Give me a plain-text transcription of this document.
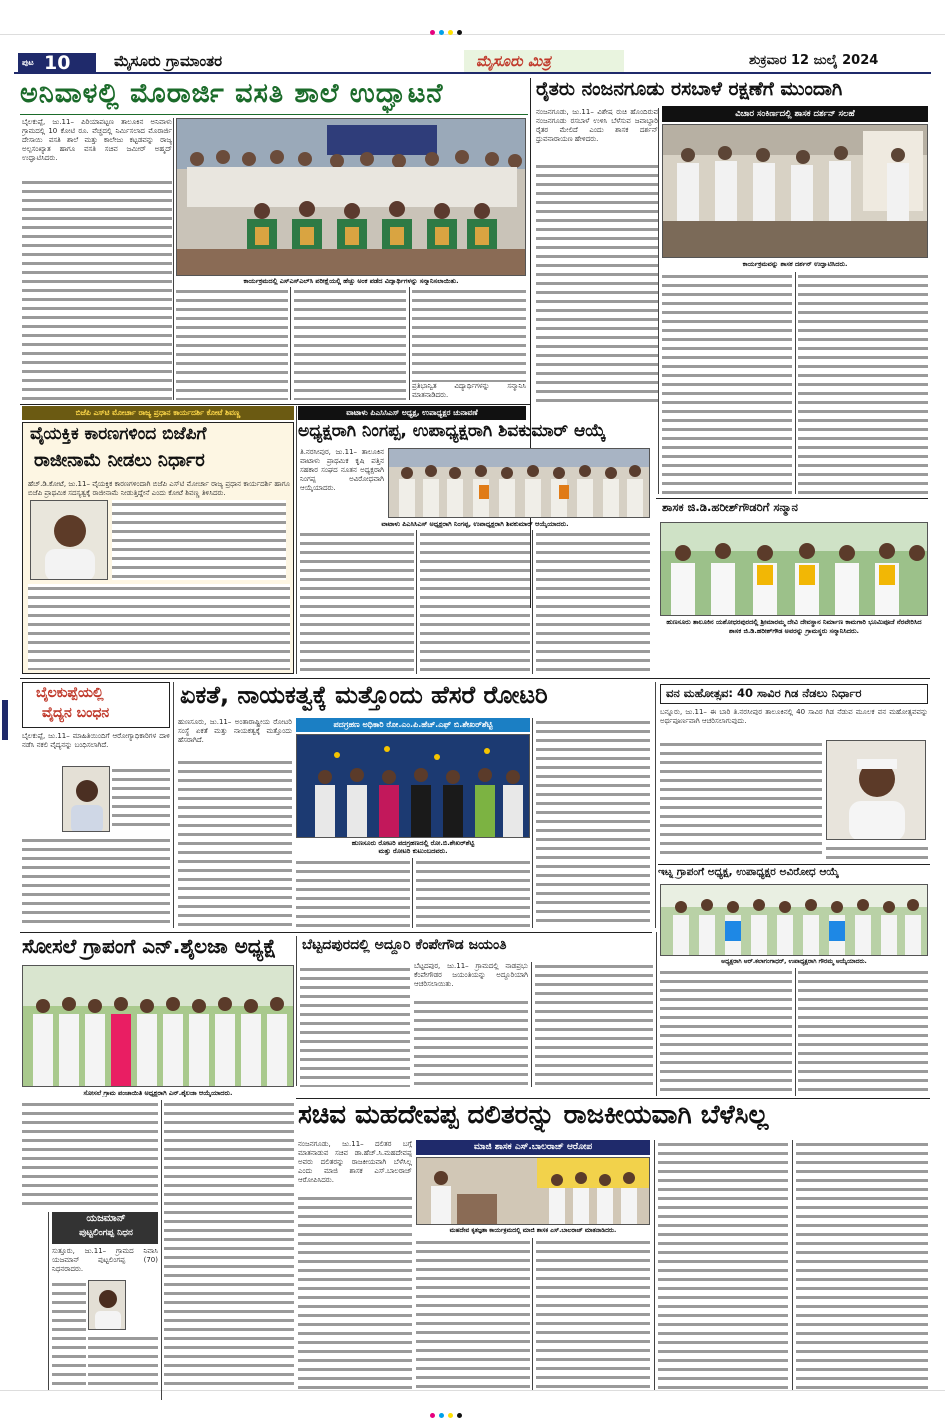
ಪುಟ 10	ಮೈಸೂರು ಗ್ರಾಮಾಂತರ	ಮೈಸೂರು ಮಿತ್ರ	ಶುಕ್ರವಾರ 12 ಜುಲೈ 2024
ಅನಿವಾಳಲ್ಲಿ ಮೊರಾರ್ಜಿ ವಸತಿ ಶಾಲೆ ಉದ್ಘಾಟನೆ
ಬೈಲಕುಪ್ಪೆ, ಜು.11– ಪಿರಿಯಾಪಟ್ಟಣ ತಾಲೂಕಿನ ಅನಿವಾಳು ಗ್ರಾಮದಲ್ಲಿ 10 ಕೋಟಿ ರೂ. ವೆಚ್ಚದಲ್ಲಿ ನಿರ್ಮಿಸಲಾದ ಮೊರಾರ್ಜಿ ದೇಸಾಯಿ ವಸತಿ ಶಾಲೆ ಮತ್ತು ಕಾಲೇಜು ಕಟ್ಟಡವನ್ನು ರಾಜ್ಯ ಅಲ್ಪಸಂಖ್ಯಾತ ಹಾಗೂ ವಸತಿ ಸಚಿವ ಜಮೀರ್ ಅಹ್ಮದ್ ಉದ್ಘಾಟಿಸಿದರು.
ಕಾರ್ಯಕ್ರಮದಲ್ಲಿ ಎಸ್‌ಎಸ್‌ಎಲ್‌ಸಿ ಪರೀಕ್ಷೆಯಲ್ಲಿ ಹೆಚ್ಚು ಅಂಕ ಪಡೆದ ವಿದ್ಯಾರ್ಥಿಗಳನ್ನು ಸನ್ಮಾನಿಸಲಾಯಿತು.
ಪ್ರತಿಭಾನ್ವಿತ ವಿದ್ಯಾರ್ಥಿಗಳನ್ನು ಸನ್ಮಾನಿಸಿ ಮಾತನಾಡಿದರು.
ರೈತರು ನಂಜನಗೂಡು ರಸಬಾಳೆ ರಕ್ಷಣೆಗೆ ಮುಂದಾಗಿ
ನಂಜನಗೂಡು, ಜು.11– ವಿಶೇಷ ರುಚಿ ಹೊಂದಿರುವ ನಂಜನಗೂಡು ರಸಬಾಳೆ ಉಳಿಸಿ ಬೆಳೆಸುವ ಜವಾಬ್ದಾರಿ ರೈತರ ಮೇಲಿದೆ ಎಂದು ಶಾಸಕ ದರ್ಶನ್ ಧ್ರುವನಾರಾಯಣ ಹೇಳಿದರು.
ವಿಚಾರ ಸಂಕಿರ್ಣದಲ್ಲಿ ಶಾಸಕ ದರ್ಶನ್ ಸಲಹೆ
ಕಾರ್ಯಕ್ರಮವನ್ನು ಶಾಸಕ ದರ್ಶನ್ ಉದ್ಘಾಟಿಸಿದರು.
ಬಿಜೆಪಿ ಎಸ್‌ಟಿ ಮೋರ್ಚಾ ರಾಜ್ಯ ಪ್ರಧಾನ ಕಾರ್ಯದರ್ಶಿ ಕೋಟೆ ಶಿವಣ್ಣ
ವೈಯಕ್ತಿಕ ಕಾರಣಗಳಿಂದ ಬಿಜೆಪಿಗೆ
ರಾಜೀನಾಮೆ ನೀಡಲು ನಿರ್ಧಾರ
ಹೆಚ್.ಡಿ.ಕೋಟೆ, ಜು.11– ವೈಯಕ್ತಿಕ ಕಾರಣಗಳಿಂದಾಗಿ ಬಿಜೆಪಿ ಎಸ್‌ಟಿ ಮೋರ್ಚಾ ರಾಜ್ಯ ಪ್ರಧಾನ ಕಾರ್ಯದರ್ಶಿ ಹಾಗೂ ಬಿಜೆಪಿ ಪ್ರಾಥಮಿಕ ಸದಸ್ಯತ್ವಕ್ಕೆ ರಾಜೀನಾಮೆ ನೀಡುತ್ತಿದ್ದೇನೆ ಎಂದು ಕೋಟೆ ಶಿವಣ್ಣ ತಿಳಿಸಿದರು.
ವಾಟಾಳು ಪಿಎಸಿಸಿಎಸ್ ಅಧ್ಯಕ್ಷ, ಉಪಾಧ್ಯಕ್ಷರ ಚುನಾವಣೆ
ಅಧ್ಯಕ್ಷರಾಗಿ ನಿಂಗಪ್ಪ, ಉಪಾಧ್ಯಕ್ಷರಾಗಿ ಶಿವಕುಮಾರ್ ಆಯ್ಕೆ
ತಿ.ನರಸೀಪುರ, ಜು.11– ತಾಲೂಕಿನ ವಾಟಾಳು ಪ್ರಾಥಮಿಕ ಕೃಷಿ ಪತ್ತಿನ ಸಹಕಾರ ಸಂಘದ ನೂತನ ಅಧ್ಯಕ್ಷರಾಗಿ ನಿಂಗಪ್ಪ ಅವಿರೋಧವಾಗಿ ಆಯ್ಕೆಯಾದರು.
ವಾಟಾಳು ಪಿಎಸಿಸಿಎಸ್ ಅಧ್ಯಕ್ಷರಾಗಿ ನಿಂಗಪ್ಪ, ಉಪಾಧ್ಯಕ್ಷರಾಗಿ ಶಿವಕುಮಾರ್ ಆಯ್ಕೆಯಾದರು.
ಶಾಸಕ ಜಿ.ಡಿ.ಹರೀಶ್‌ಗೌಡರಿಗೆ ಸನ್ಮಾನ
ಹುಣಸೂರು ತಾಲೂಕಿನ ಯಶೋಧರಪುರದಲ್ಲಿ ಶ್ರೀಮಾರಮ್ಮ ದೇವಿ ದೇವಸ್ಥಾನ ನಿರ್ಮಾಣ ಕಾಮಗಾರಿ ಭೂಮಿಪೂಜೆ ನೆರವೇರಿಸಿದ ಶಾಸಕ ಜಿ.ಡಿ.ಹರೀಶ್‌ಗೌಡ ಅವರನ್ನು ಗ್ರಾಮಸ್ಥರು ಸನ್ಮಾನಿಸಿದರು.
ಬೈಲಕುಪ್ಪೆಯಲ್ಲಿ
ವೈದ್ಯನ ಬಂಧನ
ಬೈಲಕುಪ್ಪೆ, ಜು.11– ಮಾಹಿತಿಯಿಂದಿಗೆ ಆರೋಗ್ಯಾಧಿಕಾರಿಗಳ ದಾಳಿ ನಡೆಸಿ ನಕಲಿ ವೈದ್ಯನನ್ನು ಬಂಧಿಸಲಾಗಿದೆ.
ಏಕತೆ, ನಾಯಕತ್ವಕ್ಕೆ ಮತ್ತೊಂದು ಹೆಸರೆ ರೋಟರಿ
ಹುಣಸೂರು, ಜು.11– ಅಂತಾರಾಷ್ಟ್ರೀಯ ರೋಟರಿ ಸಂಸ್ಥೆ ಏಕತೆ ಮತ್ತು ನಾಯಕತ್ವಕ್ಕೆ ಮತ್ತೊಂದು ಹೆಸರಾಗಿದೆ.
ಪದಗ್ರಹಣ ಅಧಿಕಾರಿ ರೋ.ಎಂ.ಪಿ.ಹೆಚ್.ಎಫ್ ಬಿ.ಶೇಖರ್‌ಶೆಟ್ಟಿ
ಹುಣಸೂರು ರೋಟರಿ ಪದಗ್ರಹಣದಲ್ಲಿ ರೋ.ಬಿ.ಶೇಖರ್‌ಶೆಟ್ಟಿ
ಮತ್ತು ರೋಟರಿ ಕುಟುಂಬದವರು.
ವನ ಮಹೋತ್ಸವ: 40 ಸಾವಿರ ಗಿಡ ನೆಡಲು ನಿರ್ಧಾರ
ಬನ್ನೂರು, ಜು.11– ಈ ಬಾರಿ ತಿ.ನರಸೀಪುರ ತಾಲೂಕಿನಲ್ಲಿ 40 ಸಾವಿರ ಗಿಡ ನೆಡುವ ಮೂಲಕ ವನ ಮಹೋತ್ಸವವನ್ನು ಅರ್ಥಪೂರ್ಣವಾಗಿ ಆಚರಿಸಲಾಗುವುದು.
ಇಟ್ನ ಗ್ರಾಪಂಗೆ ಅಧ್ಯಕ್ಷ, ಉಪಾಧ್ಯಕ್ಷರ ಅವಿರೋಧ ಆಯ್ಕೆ
ಅಧ್ಯಕ್ಷರಾಗಿ ಆರ್.ಕಲಾಗಂಗಾಧರ್, ಉಪಾಧ್ಯಕ್ಷರಾಗಿ ಗೌರಮ್ಮ ಆಯ್ಕೆಯಾದರು.
ಸೋಸಲೆ ಗ್ರಾಪಂಗೆ ಎನ್.ಶೈಲಜಾ ಅಧ್ಯಕ್ಷೆ
ಸೋಸಲೆ ಗ್ರಾಮ ಪಂಚಾಯಿತಿ ಅಧ್ಯಕ್ಷರಾಗಿ ಎನ್.ಶೈಲಜಾ ಆಯ್ಕೆಯಾದರು.
ಬೆಟ್ಟದಪುರದಲ್ಲಿ ಅದ್ದೂರಿ ಕೆಂಪೇಗೌಡ ಜಯಂತಿ
ಬೆಟ್ಟದಪುರ, ಜು.11– ಗ್ರಾಮದಲ್ಲಿ ನಾಡಪ್ರಭು ಕೆಂಪೇಗೌಡರ ಜಯಂತಿಯನ್ನು ಅದ್ದೂರಿಯಾಗಿ ಆಚರಿಸಲಾಯಿತು.
ಯಜಮಾನ್
ಪುಟ್ಟಲಿಂಗಪ್ಪ ನಿಧನ
ಸುತ್ತೂರು, ಜು.11– ಗ್ರಾಮದ ನಿವಾಸಿ ಯಜಮಾನ್ ಪುಟ್ಟಲಿಂಗಪ್ಪ (70) ನಿಧನರಾದರು.
ಸಚಿವ ಮಹದೇವಪ್ಪ ದಲಿತರನ್ನು ರಾಜಕೀಯವಾಗಿ ಬೆಳೆಸಿಲ್ಲ
ನಂಜನಗೂಡು, ಜು.11– ದಲಿತರ ಬಗ್ಗೆ ಮಾತನಾಡುವ ಸಚಿವ ಡಾ.ಹೆಚ್.ಸಿ.ಮಹದೇವಪ್ಪ ಅವರು ದಲಿತರನ್ನು ರಾಜಕೀಯವಾಗಿ ಬೆಳೆಸಿಲ್ಲ ಎಂದು ಮಾಜಿ ಶಾಸಕ ಎಸ್.ಬಾಲರಾಜ್ ಆರೋಪಿಸಿದರು.
ಮಾಜಿ ಶಾಸಕ ಎಸ್.ಬಾಲರಾಜ್ ಆರೋಪ
ಮಹದೇವ ಕೃತಜ್ಞತಾ ಕಾರ್ಯಕ್ರಮದಲ್ಲಿ ಮಾಜಿ ಶಾಸಕ ಎಸ್.ಬಾಲರಾಜ್ ಮಾತನಾಡಿದರು.
